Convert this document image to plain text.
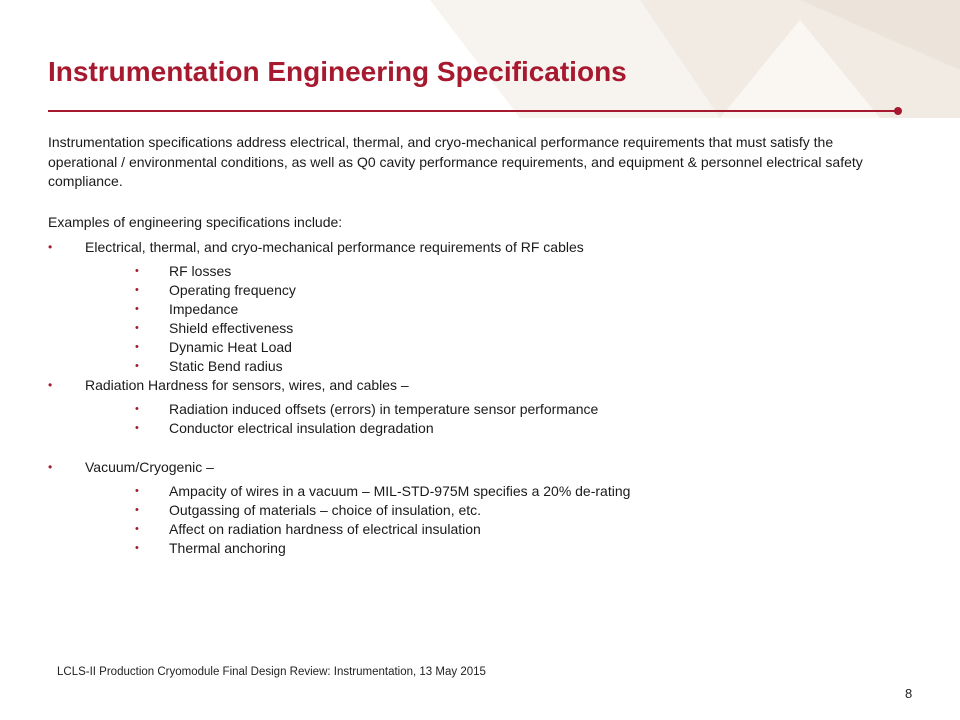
Instrumentation Engineering Specifications

Instrumentation specifications address electrical, thermal, and cryo-mechanical performance requirements that must satisfy the operational / environmental conditions, as well as Q0 cavity performance requirements, and equipment & personnel electrical safety compliance.

Examples of engineering specifications include:

• Electrical, thermal, and cryo-mechanical performance requirements of RF cables
• RF losses
• Operating frequency
• Impedance
• Shield effectiveness
• Dynamic Heat Load
• Static Bend radius
• Radiation Hardness for sensors, wires, and cables –
• Radiation induced offsets (errors) in temperature sensor performance
• Conductor electrical insulation degradation
• Vacuum/Cryogenic –
• Ampacity of wires in a vacuum – MIL-STD-975M specifies a 20% de-rating
• Outgassing of materials – choice of insulation, etc.
• Affect on radiation hardness of electrical insulation
• Thermal anchoring
LCLS-II Production Cryomodule Final Design Review: Instrumentation, 13 May 2015
8
